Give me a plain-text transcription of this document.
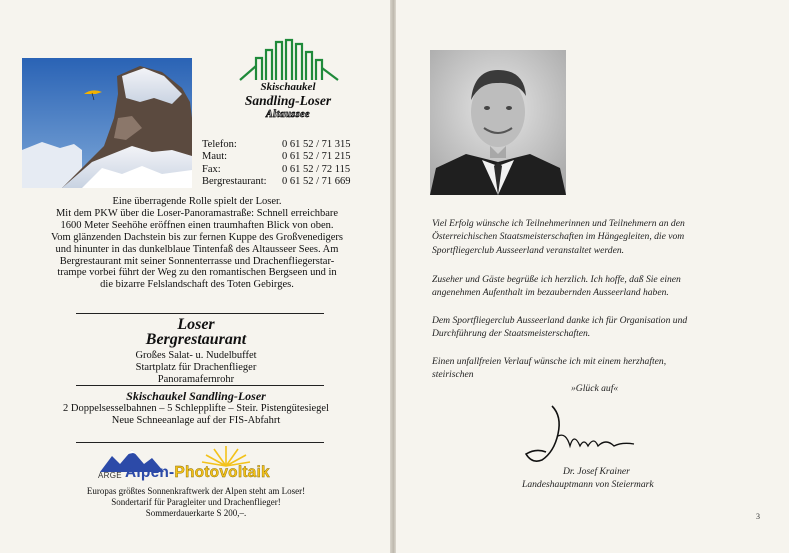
Skischaukel
Sandling-Loser
Altaussee
Telefon:	0 61 52 / 71 315
Maut:	0 61 52 / 71 215
Fax:	0 61 52 / 72 115
Bergrestaurant:	0 61 52 / 71 669
Eine überragende Rolle spielt der Loser.
Mit dem PKW über die Loser-Panoramastraße: Schnell erreichbare
1600 Meter Seehöhe eröffnen einen traumhaften Blick von oben.
Vom glänzenden Dachstein bis zur fernen Kuppe des Großvenedigers
und hinunter in das dunkelblaue Tintenfaß des Altausseer Sees. Am
Bergrestaurant mit seiner Sonnenterrasse und Drachenfliegerstar-
trampe vorbei führt der Weg zu den romantischen Bergseen und in
die bizarre Felslandschaft des Toten Gebirges.
Loser
Bergrestaurant
Großes Salat- u. Nudelbuffet
Startplatz für Drachenflieger
Panoramafernrohr
Skischaukel Sandling-Loser
2 Doppelsesselbahnen – 5 Schlepplifte – Steir. Pistengütesiegel
Neue Schneeanlage auf der FIS-Abfahrt
ARGE Alpen-Photovoltaik
Europas größtes Sonnenkraftwerk der Alpen steht am Loser!
Sondertarif für Paragleiter und Drachenflieger!
Sommerdauerkarte S 200,–.
Viel Erfolg wünsche ich Teilnehmerinnen und Teilnehmern an den
Österreichischen Staatsmeisterschaften im Hängegleiten, die vom
Sportfliegerclub Ausseerland veranstaltet werden.
Zuseher und Gäste begrüße ich herzlich. Ich hoffe, daß Sie einen
angenehmen Aufenthalt im bezaubernden Ausseerland haben.
Dem Sportfliegerclub Ausseerland danke ich für Organisation und
Durchführung der Staatsmeisterschaften.
Einen unfallfreien Verlauf wünsche ich mit einem herzhaften,
steirischen
»Glück auf«
Dr. Josef Krainer
Landeshauptmann von Steiermark
3
